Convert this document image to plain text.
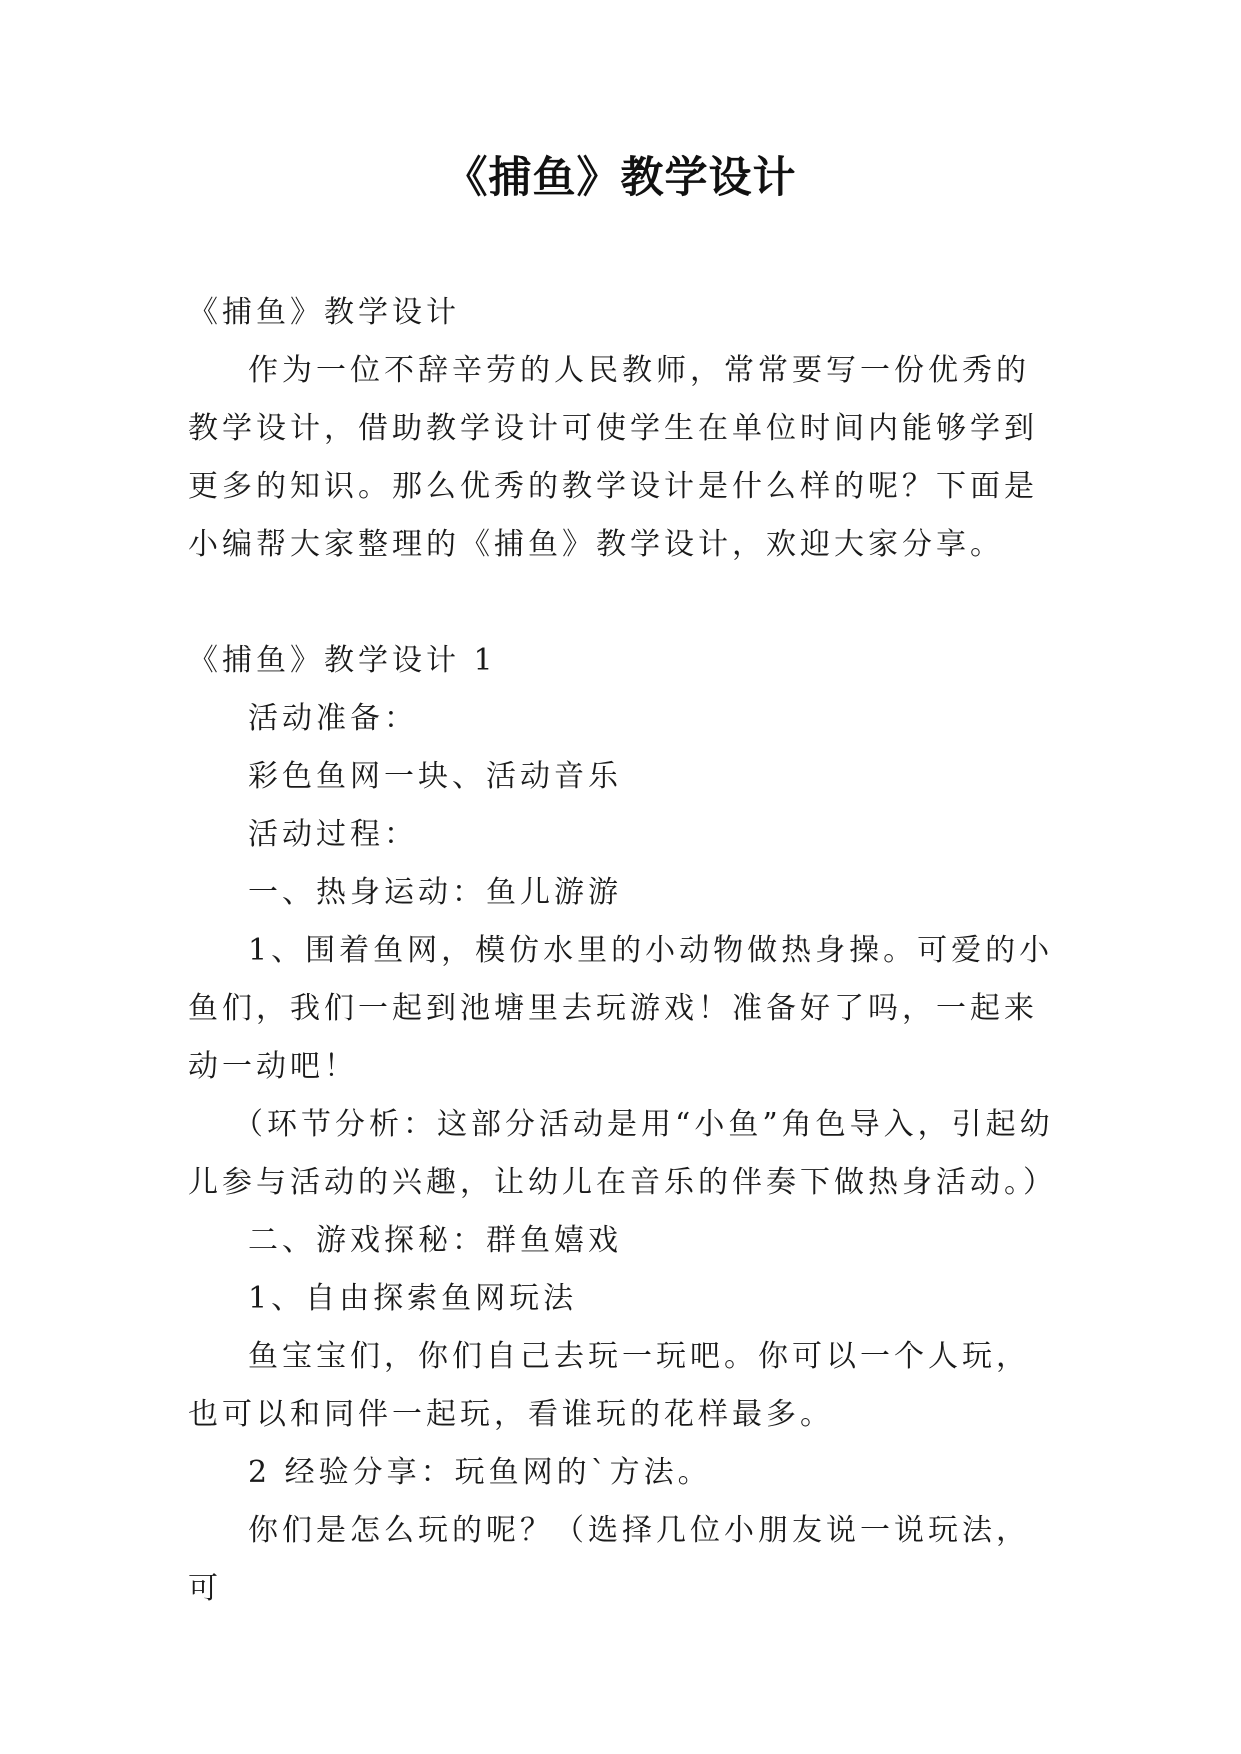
《捕鱼》教学设计

《捕鱼》教学设计

作为一位不辞辛劳的人民教师，常常要写一份优秀的教学设计，借助教学设计可使学生在单位时间内能够学到更多的知识。那么优秀的教学设计是什么样的呢？下面是小编帮大家整理的《捕鱼》教学设计，欢迎大家分享。

《捕鱼》教学设计 1

活动准备：

彩色鱼网一块、活动音乐

活动过程：

一、热身运动：鱼儿游游

1、围着鱼网，模仿水里的小动物做热身操。可爱的小鱼们，我们一起到池塘里去玩游戏！准备好了吗，一起来动一动吧！

（环节分析：这部分活动是用“小鱼”角色导入，引起幼儿参与活动的兴趣，让幼儿在音乐的伴奏下做热身活动。）

二、游戏探秘：群鱼嬉戏

1、自由探索鱼网玩法

鱼宝宝们，你们自己去玩一玩吧。你可以一个人玩，也可以和同伴一起玩，看谁玩的花样最多。

2 经验分享：玩鱼网的`方法。

你们是怎么玩的呢？（选择几位小朋友说一说玩法，可
